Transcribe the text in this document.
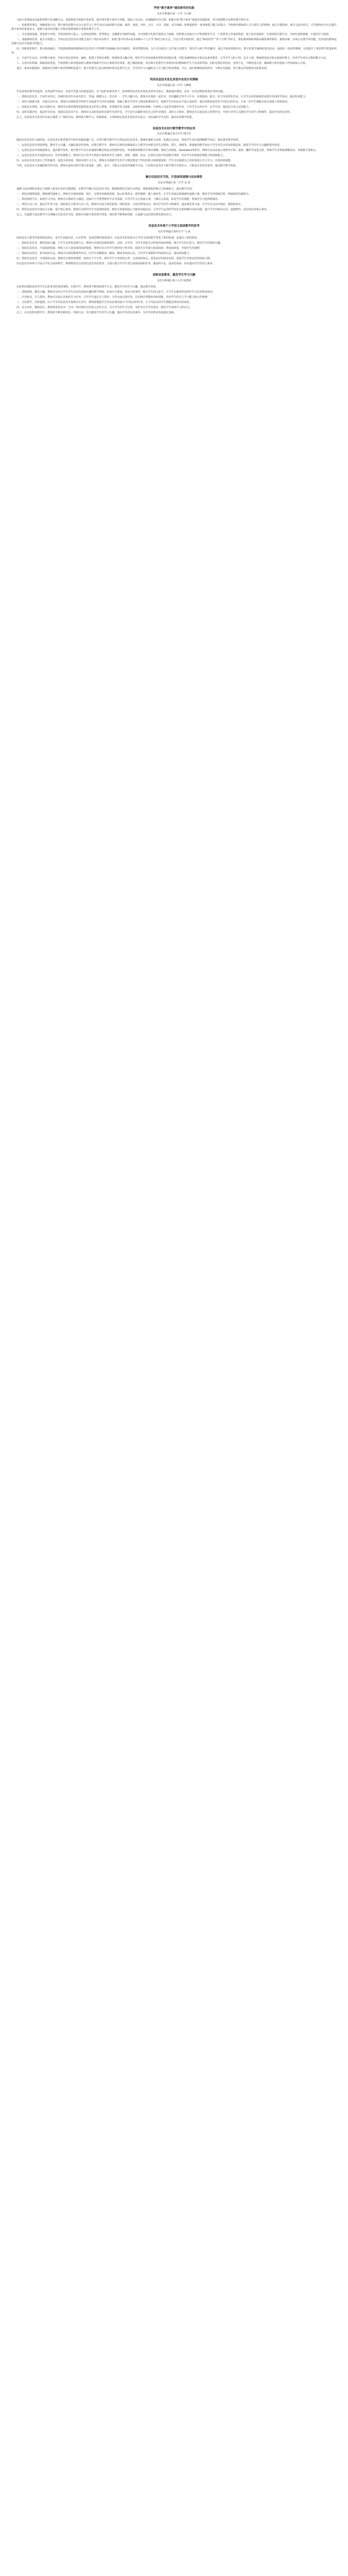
学校“数字素养”建设研究的实践
吴忠市利通区第一小学 马文俊

为深入贯彻落实国家教育数字化战略行动，加快推进学校数字化转型，提升师生数字素养与技能，我校立足实际，以课题研究为引领，积极开展“数字素养”建设的实践探索，努力构建数字化教育教学新生态。

一、更新教育理念，明确建设方向。数字素养是数字社会公民学习工作生活应具备的数字获取、制作、使用、评价、交互、分享、创新、安全保障、伦理道德等一系列素质与能力的集合。学校组织教师深入学习相关文件精神，通过专题讲座、研讨交流等形式，引导教师充分认识提升数字素养的重要意义，把数字素养培育融入学校发展规划和日常教育教学之中。

二、夯实基础设施，优化数字环境。学校持续加大投入，完善校园网络、智慧教室、录播教室等硬件设施，为开展数字化教学提供有力保障。同时整合国家中小学智慧教育平台、宁夏教育云等优质资源，建立校本资源库，实现资源共建共享，为师生提供便捷、丰富的学习资源。

三、加强教师培训，提升应用能力。学校以信息技术应用能力提升工程2.0为抓手，采取“集中培训+校本研修+个人自学”相结合的方式，分层分类开展培训。通过“师徒结对”“骨干引领”等形式，帮助教师熟练掌握多媒体课件制作、微课录制、在线互动教学等技能，切实提高教师运用数字技术开展教学的能力。

四、创新课堂教学，推动深度融合。学校鼓励教师积极探索信息技术与学科教学深度融合的有效路径，利用智能终端、交互式白板等工具开展互动教学、探究学习和个性化辅导。通过开展优质课评比、数字化教学案例征集等活动，涌现出一批优秀课例，有效提升了课堂教学质量和效率。

五、丰富学生活动，培养数字素养。学校开设信息科技、编程、机器人等特色课程，组建科技兴趣小组，组织学生参加各级各类科技创新比赛。同时加强网络安全和信息素养教育，引导学生文明上网、安全上网，增强辨别是非和自我保护能力，培养学生成为合格的数字公民。

六、完善评价机制，保障持续发展。学校将数字素养建设纳入教师考核和学生综合素质评价体系，建立激励机制，对在数字化教学中表现突出的教师和学生予以表彰奖励。同时定期总结经验，查找不足，不断改进完善，确保数字素养建设工作持续深入开展。

通过一系列实践探索，我校师生的数字素养得到明显提升，数字化教学已成为教师的常态化教学方式，学生的学习兴趣和自主学习能力明显增强。今后，我们将继续深化研究，不断总结提炼，努力推动学校教育高质量发展。

利用信息技术优化英语作业设计的策略
吴忠市利通区第三中学 马晓梅

作业是课堂教学的延伸，是巩固所学知识、发展学生能力的重要途径。在“双减”政策背景下，如何利用信息技术优化英语作业设计，做到减负增效，是每一位英语教师需要思考的问题。

一、借助信息技术，丰富作业形式。传统的英语作业多以抄写、背诵、做题为主，形式单一，学生兴趣不高。教师可以借助一起作业、英语趣配音等学习平台，布置朗读、配音、听力等多样化作业，让学生在轻松愉悦的氛围中巩固所学知识，提高听说能力。

二、利用大数据分析，实施分层作业。教师可以借助智学网等平台收集学生的作业数据，准确了解学生的学习情况和薄弱环节，根据学生的实际水平设计基础型、提高型和拓展型等不同层次的作业，让每一位学生都能在原有基础上得到发展。

三、创设真实情境，设计实践作业。教师可以利用网络资源创设真实的语言情境，布置制作英文海报、录制英语短视频、开展线上交流等实践性作业，引导学生在用中学、在学中用，提高综合语言运用能力。

四、及时反馈评价，提高作业实效。借助信息技术平台，教师可以及时批改和反馈学生的作业，学生也可以随时查看自己的作业情况，及时订正错误。教师还可以通过展示优秀作业、开展互评等方式激发学生的学习积极性，提高作业的实效性。

总之，信息技术为英语作业设计提供了广阔的空间。教师要不断学习，积极探索，合理利用信息技术优化作业设计，切实减轻学生负担，提高英语教学质量。

信息技术在初中数学教学中的应用
吴忠市利通区第五中学 杨学军

随着信息技术的飞速发展，信息技术在教育教学中的应用越来越广泛。在初中数学教学中合理运用信息技术，能够化抽象为具体、化静态为动态，帮助学生更好地理解数学知识，提高课堂教学效率。

一、运用信息技术创设情境，激发学习兴趣。兴趣是最好的老师。在数学教学中，教师可以利用多媒体展示与教学内容相关的生活情境、图片、视频等，将抽象的数学知识与学生的生活实际联系起来，激发学生的学习兴趣和探究欲望。

二、运用信息技术突破重难点，提高教学效率。初中数学中有许多抽象的概念和复杂的图形变化，单靠教师讲解学生难以理解。借助几何画板、GeoGebra等软件，教师可以动态演示图形的平移、旋转、翻折等变化过程，帮助学生直观地理解知识，突破教学重难点。

三、运用信息技术开展探究活动，培养思维能力。教师可以引导学生利用计算机软件自主操作、观察、猜想、验证，在探究过程中发现数学规律，培养学生的逻辑思维能力和创新能力。

四、运用信息技术进行个性化辅导，促进全面发展。借助在线学习平台，教师可以根据学生的学习情况推送个性化的练习和微课资源，学生可以根据自己的需要进行自主学习，实现因材施教。

当然，信息技术只是辅助教学的手段，教师在使用过程中要注意适度、适时、适当，不能完全取代传统教学方法。只有将信息技术与数学教学有机结合，才能真正发挥其优势，提高数学教学质量。

融合信息技术手段，打造高效道德与法治课堂
吴忠市利通区第二中学 金 艳

道德与法治课程是落实立德树人根本任务的关键课程。在教学中融合信息技术手段，能够使课堂更加生动形象，增强课程的吸引力和感染力，提高教学实效。

一、利用多媒体资源，增强课堂感染力。教师可以借助视频、图片、音频等多媒体资源，展示时事热点、典型案例、感人事迹等，让学生身临其境地感受道德力量，激发学生的情感共鸣，增强课堂的感染力。

二、利用网络平台，拓展学习空间。教师可以借助学习强国、国家中小学智慧教育平台等资源，引导学生关注国家大事、了解社会发展，拓宽学生的视野，将课堂学习延伸到课外。

三、利用互动工具，提高学生参与度。借助希沃白板等互动工具，教师可以设计课堂游戏、即时投票、小组竞赛等活动，调动学生的学习积极性，提高课堂参与度，让学生在活动中体验、感悟和成长。

四、利用信息技术开展综合实践，提升核心素养。教师可以组织学生开展网络调查、制作手抄报和演示文稿等实践活动，引导学生运用所学知识分析和解决实际问题，提升学生的政治认同、道德修养、法治观念等核心素养。

总之，在道德与法治教学中合理融合信息技术手段，能够有效提升课堂教学效果。我们要不断探索创新，让道德与法治课堂焕发新的活力。

信息技术环境下小学语文阅读教学的思考
吴忠市利通区第四小学 马 丽

阅读是语文教学的重要组成部分，是学生获取信息、认识世界、发展思维的重要途径。信息技术的发展为小学语文阅读教学带来了新的机遇，也提出了新的要求。

一、借助信息技术，激发阅读兴趣。小学生以形象思维为主，教师可以利用多媒体课件、动画、音乐等，为学生创设生动形象的阅读情境，吸引学生的注意力，激发学生的阅读兴趣。

二、借助信息技术，丰富阅读资源。网络上有大量优质的阅读资源，教师可以引导学生利用电子图书馆、阅读平台等进行拓展阅读，增加阅读量，开阔学生的视野。

三、借助信息技术，指导阅读方法。教师可以利用微课等形式，向学生讲解默读、略读、精读等阅读方法，引导学生掌握科学的阅读方法，提高阅读能力。

四、借助信息技术，开展阅读交流。教师可以利用班级群、阅读打卡平台等，组织学生分享阅读心得、交流阅读体会，营造良好的阅读氛围，促进学生养成良好的阅读习惯。

在信息技术环境下开展小学语文阅读教学，教师既要充分发挥信息技术的优势，又要注重引导学生进行深度阅读和思考，避免碎片化、浅表化阅读，切实提高学生的语文素养。

创新信息教育，激发学生学习兴趣
吴忠市利通区第六小学 杨慧霞

信息科技课程是培养学生信息素养的重要课程。在教学中，教师要不断创新教学方式，激发学生的学习兴趣，提高教学效果。

一、创设情境，激发兴趣。教师可以结合学生的生活实际创设有趣的教学情境，如设计小游戏、讲述小故事等，吸引学生的注意力，让学生在愉快的氛围中学习信息科技知识。

二、任务驱动，自主探究。教师可以设计具体的学习任务，引导学生通过自主探究、合作交流完成任务，在实践中掌握知识和技能，培养学生的自主学习能力和合作精神。

三、分层教学，因材施教。由于学生的信息技术基础存在差异，教师要根据学生的实际情况设计不同层次的任务，让不同层次的学生都能获得成功的体验。

四、多元评价，激励成长。教师要采用自评、互评、师评相结合的多元评价方式，关注学生的学习过程，及时肯定学生的进步，激发学生持续学习的动力。

总之，在信息科技教学中，教师要不断更新观念、创新方法，充分激发学生的学习兴趣，提高学生的信息素养，为学生的终身发展奠定基础。
